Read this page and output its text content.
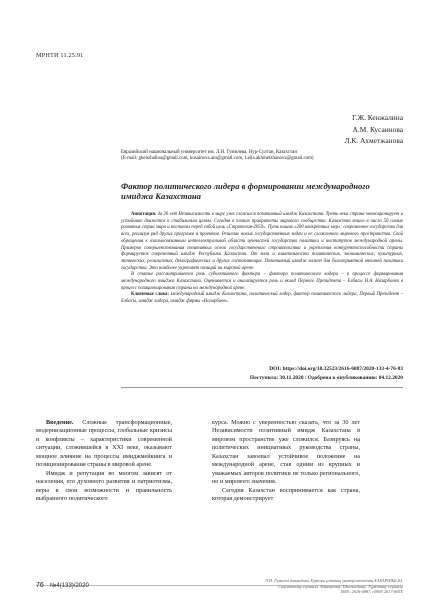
МРНТИ 11.25.91
Г.Ж. Кенжалина
А.М. Кусаинова
Л.К. Ахметжанова
Евразийский национальный университет им. Л.Н. Гумилева, Нур-Султан, Казахстан
(E-mail: gkenzhalina@gmail.com, kusainova.am@gmail.com, Leila.akhmetzhanova@gmail.com)
Фактор политического лидера в формировании международного имиджа Казахстана

Аннотация. За 30 лет Независимости в мире уже сложился позитивный имидж Казахстана. Треть века страна эволюционирует и устойчиво движется к стабильным целям. Сегодня в планах приоритеты мирового сообщества. Казахстан вошел в число 50 самых развитых стран мира и поставил перед собой цель «Стратегия-2050». Путь наших «200 конкретных мер»: современное государство для всех, реализуя ряд других программ и проектов. Решение новых государственных задач и ее слаженного мирового пространства. Свой обращения к взаимосвязанным интеллектуальной области ценностей государства политики и институтов международной арены. Примеров совершенствования позитивных основ государственного строительства и укрепления конкурентоспособности страны формируется современный имидж Республики Казахстан. От воли и влиятельности политических, экономических, культурных, этнических, религиозных, демографических и других составляющих. Позитивный имидж важен для благоприятной внешней политики государства. Это наиболее укрепляет позиций на мировой арене.

В статье рассматривается роль субъективного фактора – фактора политического лидера – в процессе формирования международного имиджа Казахстана. Оценивается и анализируется роль и вклад Первого Президента – Елбасы Н.А. Назарбаева в процесс позиционирования страны на международной арене.

Ключевые слова: международный имидж Казахстана, политический лидер, фактор политического лидера, Первый Президент – Елбасы, имидж лидера, имидж фирмы «Назарбаев».

DOI: https://doi.org/10.32523/2616-6887/2020-133-4-76-83
Поступила: 30.11.2020 / Одобрена к опубликованию: 04.12.2020

Введение. Сложные трансформационные, модернизационные процессы, глобальные кризисы и конфликты – характеристики современной ситуации, сложившейся в XXI веке, оказывают мощное влияние на процессы имиджмейкинга и позиционирования страны в мировой арене.

Имидж и репутация во многом зависят от населения, его духовного развития и патриотизма, веры в свои возможности и правильность выбранного политического

курса. Можно с уверенностью сказать, что за 30 лет Независимости позитивный имидж Казахстана в мировом пространстве уже сложился. Базируясь на политических инициативах руководства страны, Казахстан завоевал устойчивое положение на международной арене, став одним из крупных и уважаемых авторов политики не только регионального, но и мирового значения.

Сегодня Казахстан воспринимается как страна, которая демонстрирует

76 №4(133)/2020
Л.Н. Гумилев атындағы Еуразия ұлттық университетінің ХАБАРШЫСЫ.
Саясаттану сериясы. Аймақтану. Шығыстану. Түркітану сериясы
ISSN: 2616-6887, eISSN 2617-605X
